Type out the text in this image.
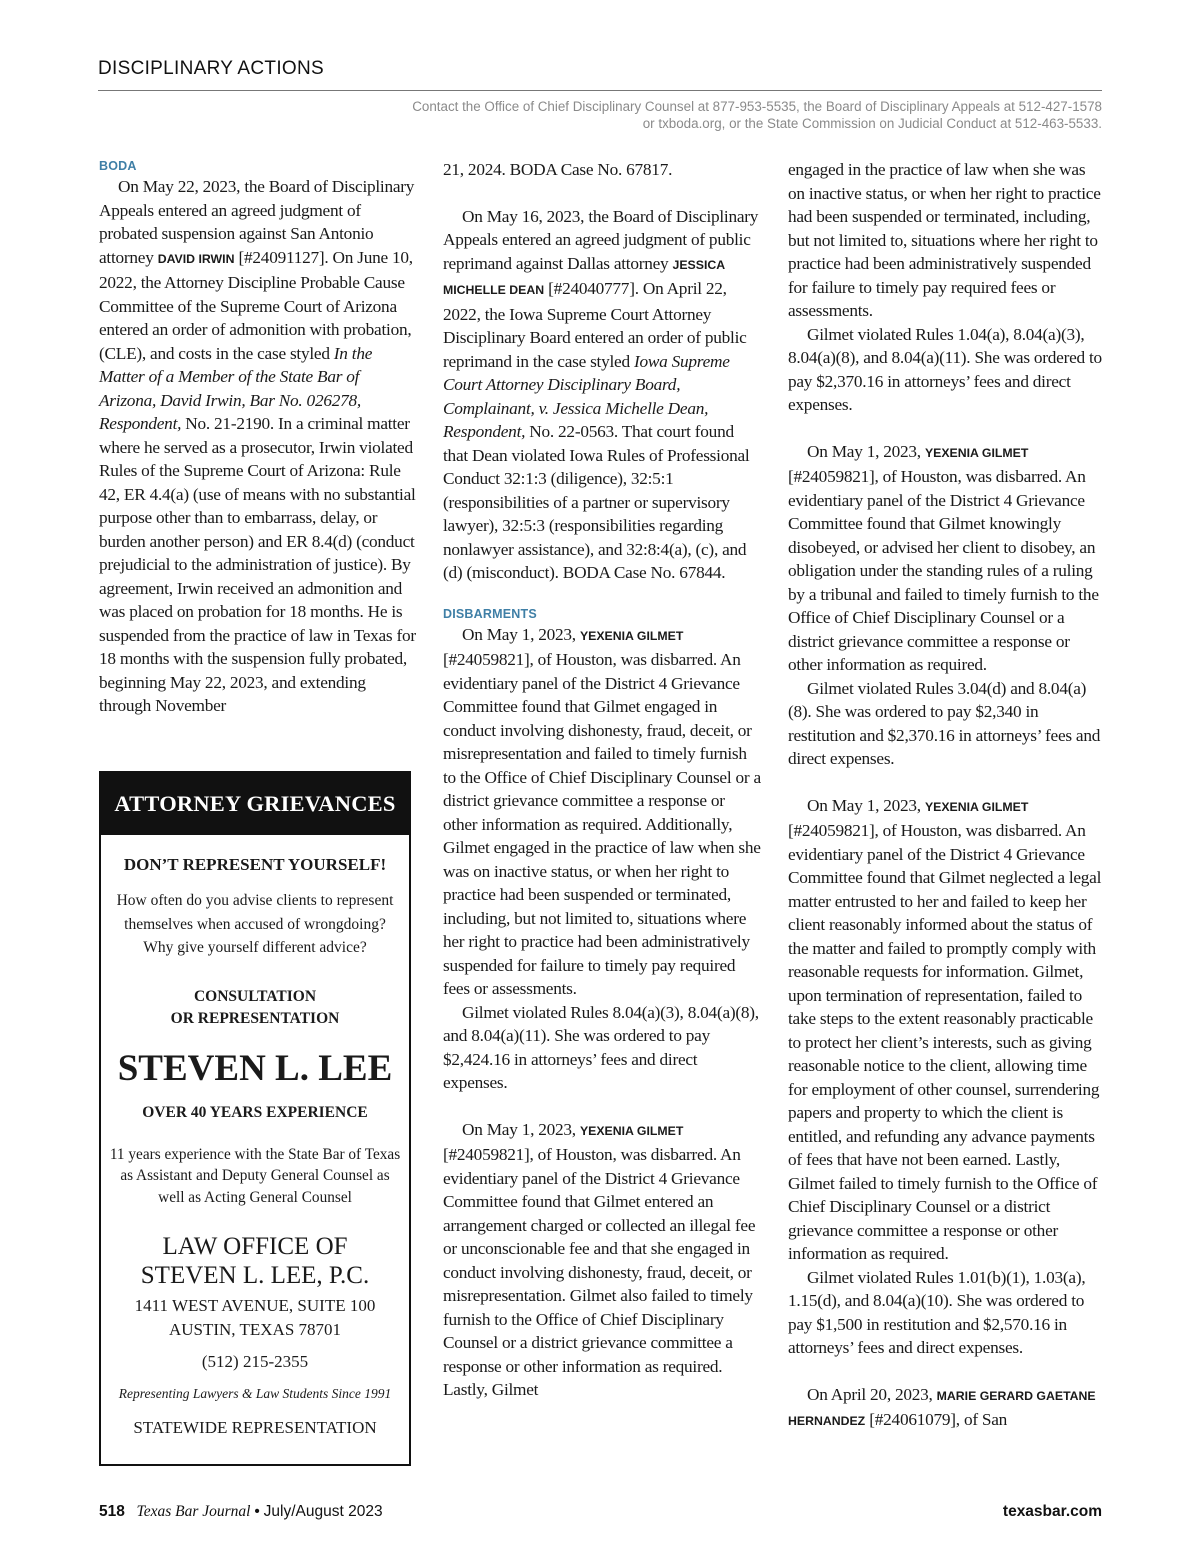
DISCIPLINARY ACTIONS
Contact the Office of Chief Disciplinary Counsel at 877-953-5535, the Board of Disciplinary Appeals at 512-427-1578
or txboda.org, or the State Commission on Judicial Conduct at 512-463-5533.
BODA

On May 22, 2023, the Board of Disciplinary Appeals entered an agreed judgment of probated suspension against San Antonio attorney DAVID IRWIN [#24091127]. On June 10, 2022, the Attorney Discipline Probable Cause Committee of the Supreme Court of Arizona entered an order of admonition with probation, (CLE), and costs in the case styled In the Matter of a Member of the State Bar of Arizona, David Irwin, Bar No. 026278, Respondent, No. 21-2190. In a criminal matter where he served as a prosecutor, Irwin violated Rules of the Supreme Court of Arizona: Rule 42, ER 4.4(a) (use of means with no substantial purpose other than to embarrass, delay, or burden another person) and ER 8.4(d) (conduct prejudicial to the administration of justice). By agreement, Irwin received an admonition and was placed on probation for 18 months. He is suspended from the practice of law in Texas for 18 months with the suspension fully probated, beginning May 22, 2023, and extending through November

ATTORNEY GRIEVANCES

DON’T REPRESENT YOURSELF!

How often do you advise clients to represent themselves when accused of wrongdoing? Why give yourself different advice?

CONSULTATION
OR REPRESENTATION

STEVEN L. LEE

OVER 40 YEARS EXPERIENCE

11 years experience with the State Bar of Texas as Assistant and Deputy General Counsel as well as Acting General Counsel

LAW OFFICE OF
STEVEN L. LEE, P.C.
1411 WEST AVENUE, SUITE 100
AUSTIN, TEXAS 78701

(512) 215-2355

Representing Lawyers & Law Students Since 1991

STATEWIDE REPRESENTATION

21, 2024. BODA Case No. 67817.

On May 16, 2023, the Board of Disciplinary Appeals entered an agreed judgment of public reprimand against Dallas attorney JESSICA MICHELLE DEAN [#24040777]. On April 22, 2022, the Iowa Supreme Court Attorney Disciplinary Board entered an order of public reprimand in the case styled Iowa Supreme Court Attorney Disciplinary Board, Complainant, v. Jessica Michelle Dean, Respondent, No. 22-0563. That court found that Dean violated Iowa Rules of Professional Conduct 32:1:3 (diligence), 32:5:1 (responsibilities of a partner or supervisory lawyer), 32:5:3 (responsibilities regarding nonlawyer assistance), and 32:8:4(a), (c), and (d) (misconduct). BODA Case No. 67844.

DISBARMENTS

On May 1, 2023, YEXENIA GILMET [#24059821], of Houston, was disbarred. An evidentiary panel of the District 4 Grievance Committee found that Gilmet engaged in conduct involving dishonesty, fraud, deceit, or misrepresentation and failed to timely furnish to the Office of Chief Disciplinary Counsel or a district grievance committee a response or other information as required. Additionally, Gilmet engaged in the practice of law when she was on inactive status, or when her right to practice had been suspended or terminated, including, but not limited to, situations where her right to practice had been administratively suspended for failure to timely pay required fees or assessments.

Gilmet violated Rules 8.04(a)(3), 8.04(a)(8), and 8.04(a)(11). She was ordered to pay $2,424.16 in attorneys’ fees and direct expenses.

On May 1, 2023, YEXENIA GILMET [#24059821], of Houston, was disbarred. An evidentiary panel of the District 4 Grievance Committee found that Gilmet entered an arrangement charged or collected an illegal fee or unconscionable fee and that she engaged in conduct involving dishonesty, fraud, deceit, or misrepresentation. Gilmet also failed to timely furnish to the Office of Chief Disciplinary Counsel or a district grievance committee a response or other information as required. Lastly, Gilmet

engaged in the practice of law when she was on inactive status, or when her right to practice had been suspended or terminated, including, but not limited to, situations where her right to practice had been administratively suspended for failure to timely pay required fees or assessments.

Gilmet violated Rules 1.04(a), 8.04(a)(3), 8.04(a)(8), and 8.04(a)(11). She was ordered to pay $2,370.16 in attorneys’ fees and direct expenses.

On May 1, 2023, YEXENIA GILMET [#24059821], of Houston, was disbarred. An evidentiary panel of the District 4 Grievance Committee found that Gilmet knowingly disobeyed, or advised her client to disobey, an obligation under the standing rules of a ruling by a tribunal and failed to timely furnish to the Office of Chief Disciplinary Counsel or a district grievance committee a response or other information as required.

Gilmet violated Rules 3.04(d) and 8.04(a)(8). She was ordered to pay $2,340 in restitution and $2,370.16 in attorneys’ fees and direct expenses.

On May 1, 2023, YEXENIA GILMET [#24059821], of Houston, was disbarred. An evidentiary panel of the District 4 Grievance Committee found that Gilmet neglected a legal matter entrusted to her and failed to keep her client reasonably informed about the status of the matter and failed to promptly comply with reasonable requests for information. Gilmet, upon termination of representation, failed to take steps to the extent reasonably practicable to protect her client’s interests, such as giving reasonable notice to the client, allowing time for employment of other counsel, surrendering papers and property to which the client is entitled, and refunding any advance payments of fees that have not been earned. Lastly, Gilmet failed to timely furnish to the Office of Chief Disciplinary Counsel or a district grievance committee a response or other information as required.

Gilmet violated Rules 1.01(b)(1), 1.03(a), 1.15(d), and 8.04(a)(10). She was ordered to pay $1,500 in restitution and $2,570.16 in attorneys’ fees and direct expenses.

On April 20, 2023, MARIE GERARD GAETANE HERNANDEZ [#24061079], of San

518 Texas Bar Journal • July/August 2023	texasbar.com
